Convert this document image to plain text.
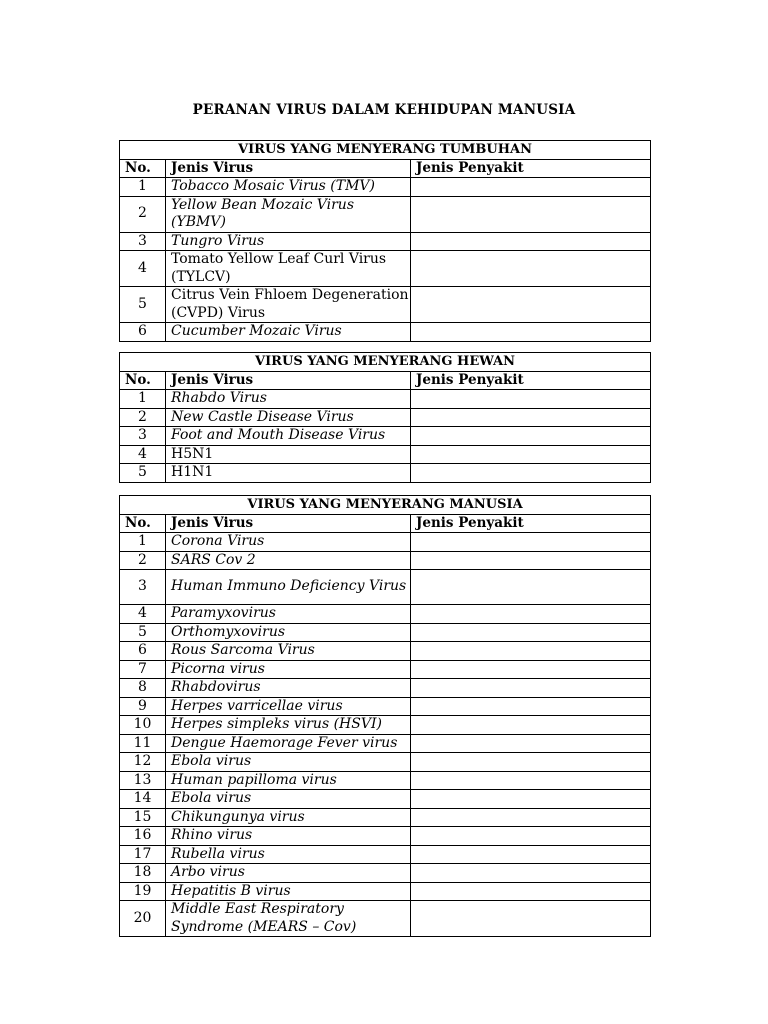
PERANAN VIRUS DALAM KEHIDUPAN MANUSIA
VIRUS YANG MENYERANG TUMBUHAN		
No.	Jenis Virus	Jenis Penyakit
1	Tobacco Mosaic Virus (TMV)	
2	Yellow Bean Mozaic Virus (YBMV)	
3	Tungro Virus	
4	Tomato Yellow Leaf Curl Virus (TYLCV)	
5	Citrus Vein Fhloem Degeneration (CVPD) Virus	
6	Cucumber Mozaic Virus	
VIRUS YANG MENYERANG HEWAN		
No.	Jenis Virus	Jenis Penyakit
1	Rhabdo Virus	
2	New Castle Disease Virus	
3	Foot and Mouth Disease Virus	
4	H5N1	
5	H1N1	
VIRUS YANG MENYERANG MANUSIA		
No.	Jenis Virus	Jenis Penyakit
1	Corona Virus	
2	SARS Cov 2	
3	Human Immuno Deficiency Virus	
4	Paramyxovirus	
5	Orthomyxovirus	
6	Rous Sarcoma Virus	
7	Picorna virus	
8	Rhabdovirus	
9	Herpes varricellae virus	
10	Herpes simpleks virus (HSVI)	
11	Dengue Haemorage Fever virus	
12	Ebola virus	
13	Human papilloma virus	
14	Ebola virus	
15	Chikungunya virus	
16	Rhino virus	
17	Rubella virus	
18	Arbo virus	
19	Hepatitis B virus	
20	Middle East Respiratory Syndrome (MEARS – Cov)	
